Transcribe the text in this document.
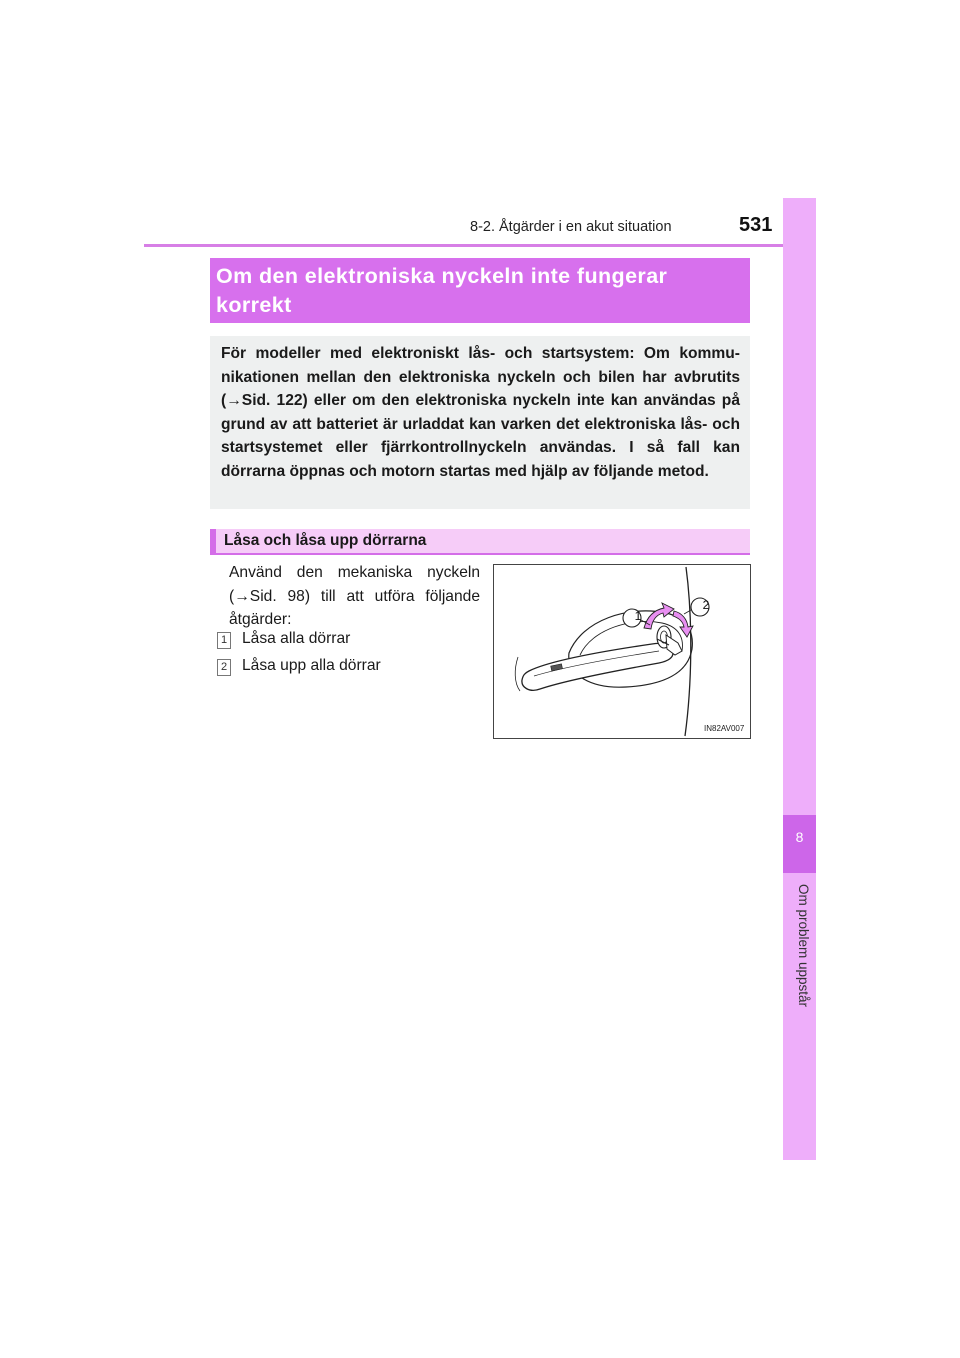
8-2. Åtgärder i en akut situation	531
8
Om problem uppstår
Om den elektroniska nyckeln inte fungerar korrekt
För modeller med elektroniskt lås- och startsystem: Om kommunikationen mellan den elektroniska nyckeln och bilen har avbrutits (→Sid. 122) eller om den elektroniska nyckeln inte kan användas på grund av att batteriet är urladdat kan varken det elektroniska lås- och startsystemet eller fjärrkontrollnyckeln användas. I så fall kan dörrarna öppnas och motorn startas med hjälp av följande metod.
Låsa och låsa upp dörrarna
Använd den mekaniska nyckeln (→Sid. 98) till att utföra följande åtgärder:
1 Låsa alla dörrar
2 Låsa upp alla dörrar
1
2
IN82AV007
